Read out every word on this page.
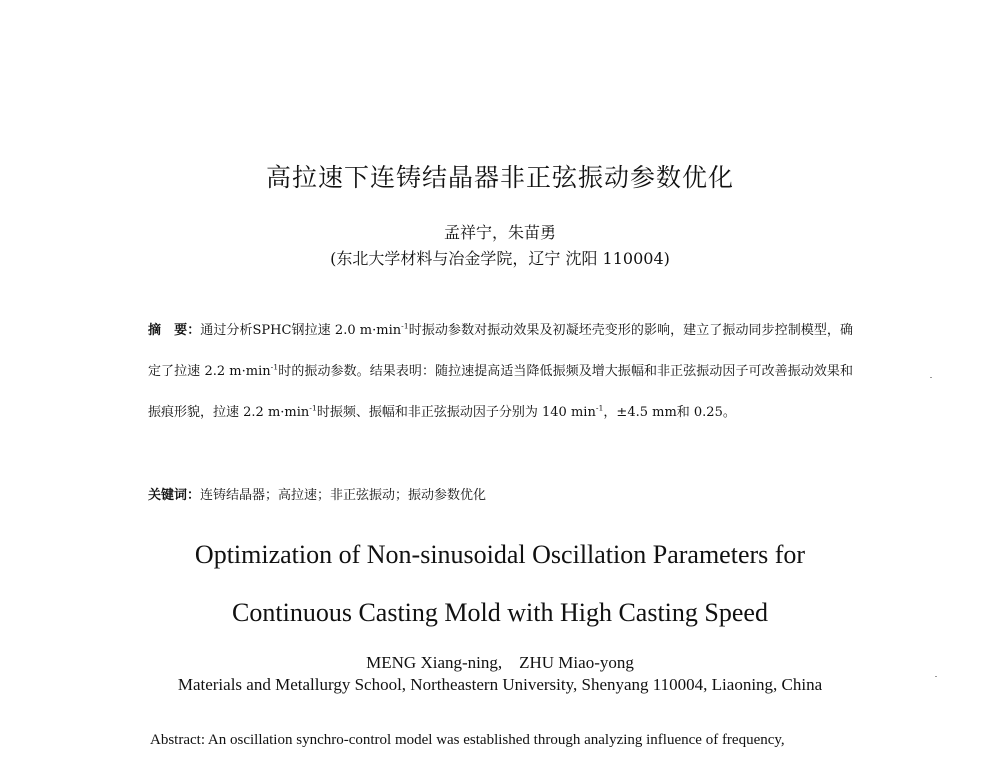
高拉速下连铸结晶器非正弦振动参数优化
孟祥宁，朱苗勇
(东北大学材料与冶金学院，辽宁 沈阳 110004)
摘　要：通过分析SPHC钢拉速 2.0 $m\cdot\min^{-1}$时振动参数对振动效果及初凝坯壳变形的影响，建立了振动同步控制模型，确定了拉速 2.2 $m\cdot\min^{-1}$时的振动参数。结果表明：随拉速提高适当降低振频及增大振幅和非正弦振动因子可改善振动效果和振痕形貌，拉速 2.2 $m\cdot\min^{-1}$时振频、振幅和非正弦振动因子分别为 140 $\min^{-1}$，±4.5 mm和 0.25。
关键词：连铸结晶器；高拉速；非正弦振动；振动参数优化
Optimization of Non-sinusoidal Oscillation Parameters for
Continuous Casting Mold with High Casting Speed
MENG Xiang-ning,　ZHU Miao-yong
Materials and Metallurgy School, Northeastern University, Shenyang 110004, Liaoning, China
Abstract: An oscillation synchro-control model was established through analyzing influence of frequency,
